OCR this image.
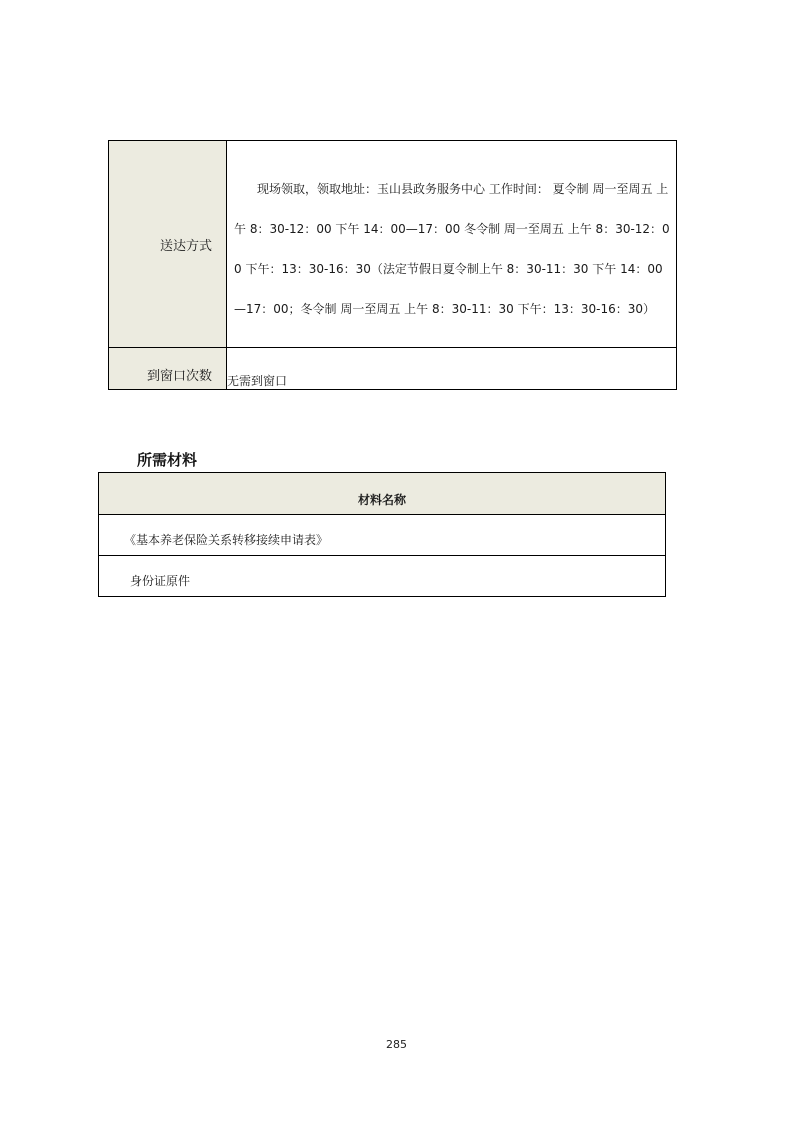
送达方式	现场领取，领取地址：玉山县政务服务中心 工作时间： 夏令制 周一至周五 上午 8：30-12：00 下午 14：00—17：00 冬令制 周一至周五 上午 8：30-12：00 下午：13：30-16：30（法定节假日夏令制上午 8：30-11：30 下午 14：00—17：00；冬令制 周一至周五 上午 8：30-11：30 下午：13：30-16：30）

到窗口次数	无需到窗口
所需材料
材料名称
《基本养老保险关系转移接续申请表》
身份证原件
285
